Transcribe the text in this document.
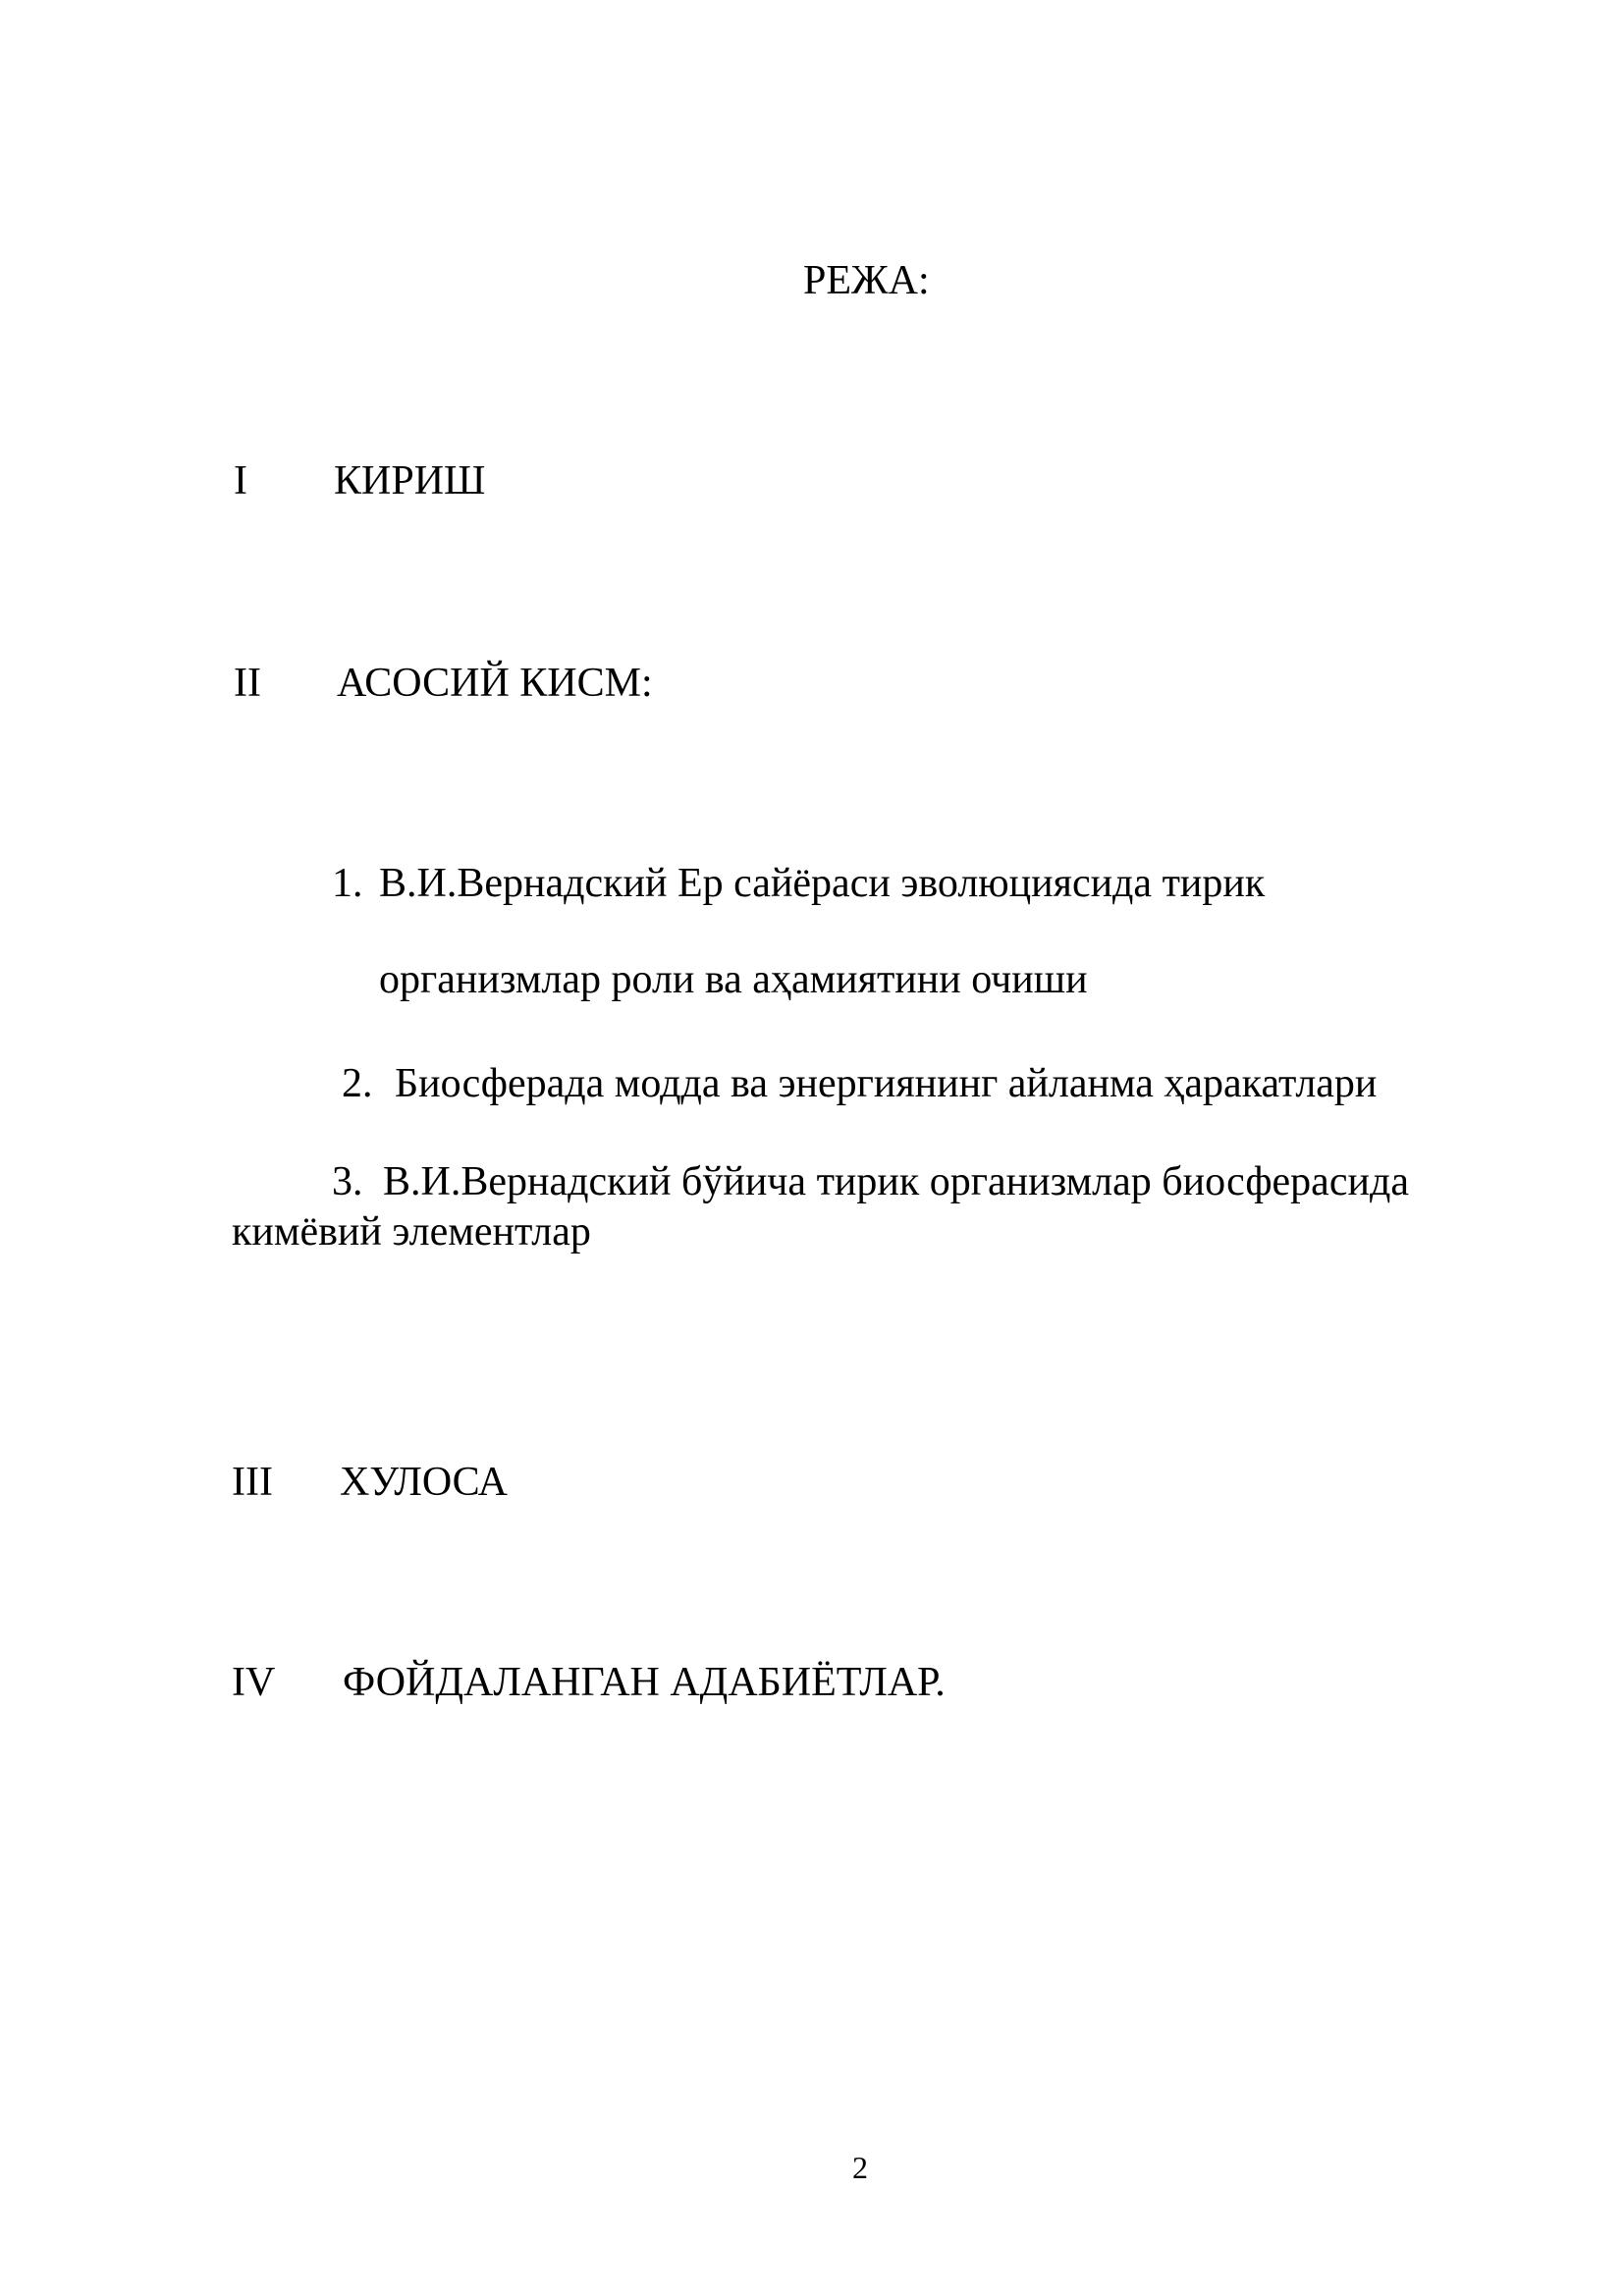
РЕЖА:
I КИРИШ
II АСОСИЙ КИСМ:
1. В.И.Вернадский Ер сайёраси эволюциясида тирик
организмлар роли ва аҳамиятини очиши
2. Биосферада модда ва энергиянинг айланма ҳаракатлари
3. В.И.Вернадский бўйича тирик организмлар биосферасида
кимёвий элементлар
III ХУЛОСА
IV ФОЙДАЛАНГАН АДАБИЁТЛАР.
2
